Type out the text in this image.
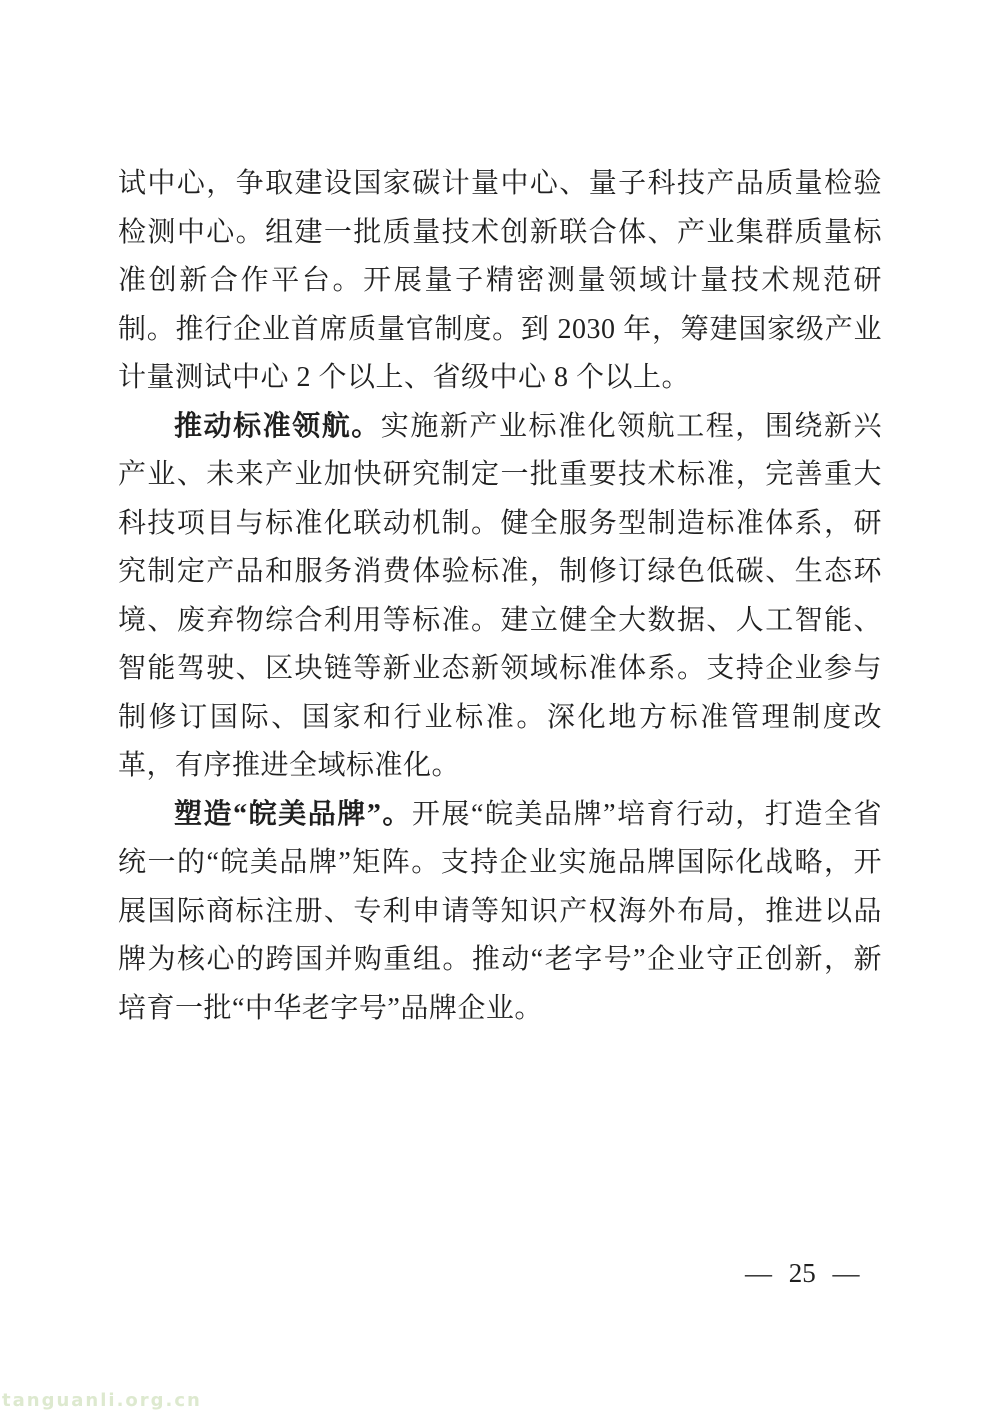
试中心，争取建设国家碳计量中心、量子科技产品质量检验检测中心。组建一批质量技术创新联合体、产业集群质量标准创新合作平台。开展量子精密测量领域计量技术规范研制。推行企业首席质量官制度。到 2030 年，筹建国家级产业计量测试中心 2 个以上、省级中心 8 个以上。

推动标准领航。实施新产业标准化领航工程，围绕新兴产业、未来产业加快研究制定一批重要技术标准，完善重大科技项目与标准化联动机制。健全服务型制造标准体系，研究制定产品和服务消费体验标准，制修订绿色低碳、生态环境、废弃物综合利用等标准。建立健全大数据、人工智能、智能驾驶、区块链等新业态新领域标准体系。支持企业参与制修订国际、国家和行业标准。深化地方标准管理制度改革，有序推进全域标准化。

塑造“皖美品牌”。开展“皖美品牌”培育行动，打造全省统一的“皖美品牌”矩阵。支持企业实施品牌国际化战略，开展国际商标注册、专利申请等知识产权海外布局，推进以品牌为核心的跨国并购重组。推动“老字号”企业守正创新，新培育一批“中华老字号”品牌企业。

— 25 —
tanguanli.org.cn
